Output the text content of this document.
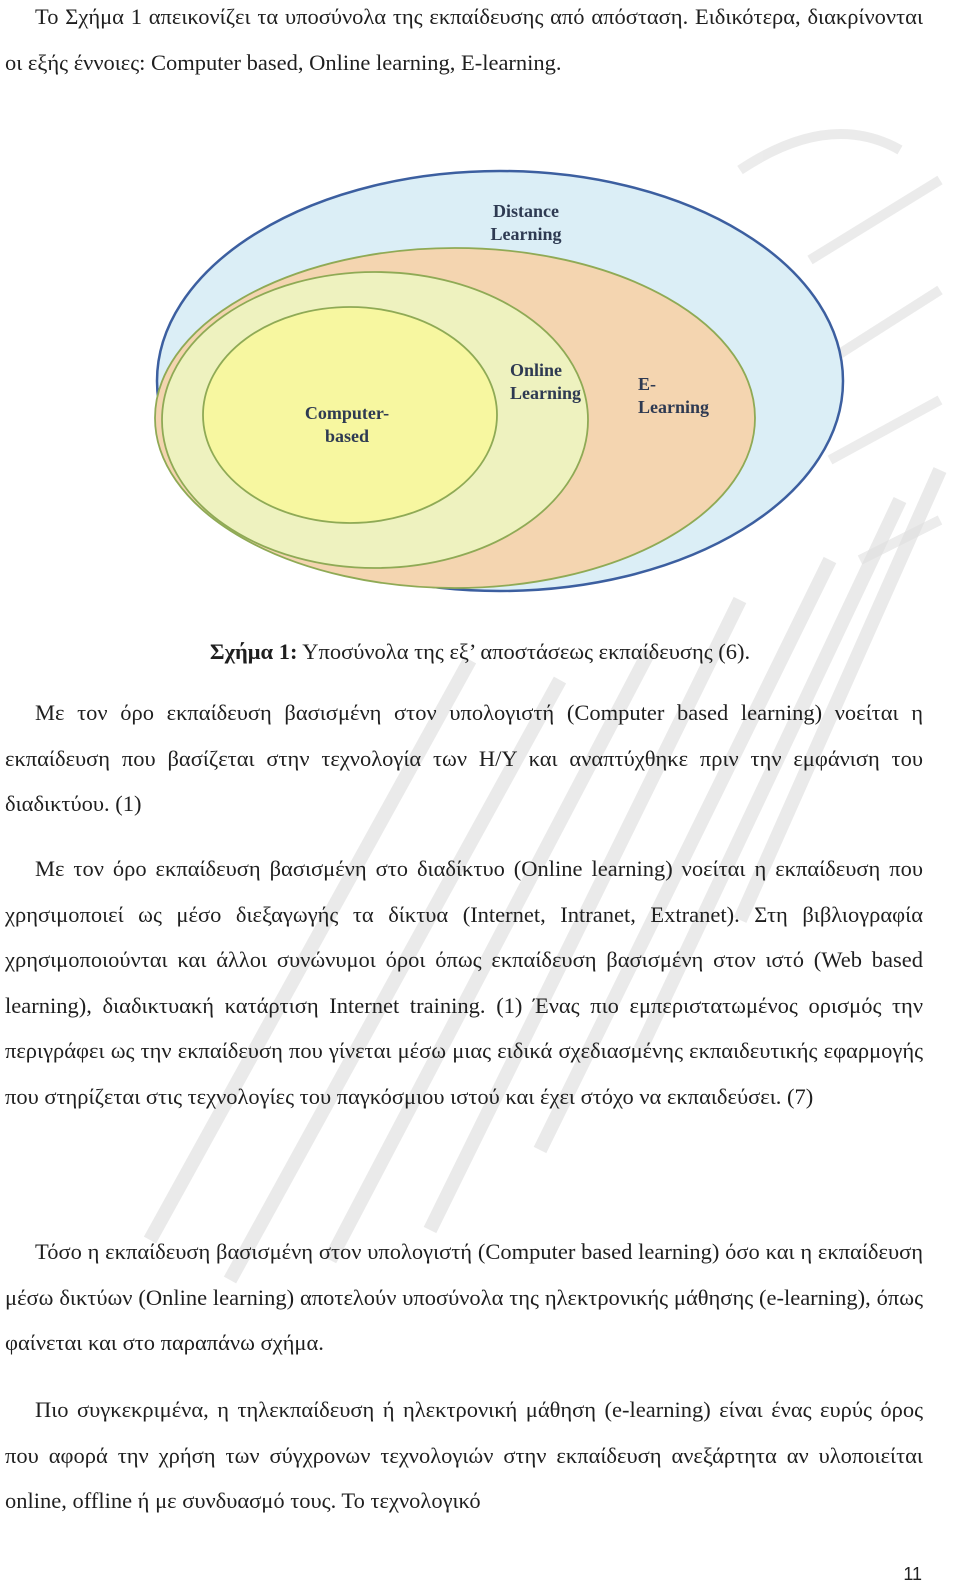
Το Σχήμα 1 απεικονίζει τα υποσύνολα της εκπαίδευσης από απόσταση. Ειδικότερα, διακρίνονται οι εξής έννοιες: Computer based, Online learning, E-learning.

Distance
Learning
Online
Learning	E-
Learning
Computer-
based
Σχήμα 1: Υποσύνολα της εξ’ αποστάσεως εκπαίδευσης (6).

Με τον όρο εκπαίδευση βασισμένη στον υπολογιστή (Computer based learning) νοείται η εκπαίδευση που βασίζεται στην τεχνολογία των Η/Υ και αναπτύχθηκε πριν την εμφάνιση του διαδικτύου. (1)

Με τον όρο εκπαίδευση βασισμένη στο διαδίκτυο (Online learning) νοείται η εκπαίδευση που χρησιμοποιεί ως μέσο διεξαγωγής τα δίκτυα (Internet, Intranet, Extranet). Στη βιβλιογραφία χρησιμοποιούνται και άλλοι συνώνυμοι όροι όπως εκπαίδευση βασισμένη στον ιστό (Web based learning), διαδικτυακή κατάρτιση Internet training. (1) Ένας πιο εμπεριστατωμένος ορισμός την περιγράφει ως την εκπαίδευση που γίνεται μέσω μιας ειδικά σχεδιασμένης εκπαιδευτικής εφαρμογής που στηρίζεται στις τεχνολογίες του παγκόσμιου ιστού και έχει στόχο να εκπαιδεύσει. (7)

Τόσο η εκπαίδευση βασισμένη στον υπολογιστή (Computer based learning) όσο και η εκπαίδευση μέσω δικτύων (Online learning) αποτελούν υποσύνολα της ηλεκτρονικής μάθησης (e-learning), όπως φαίνεται και στο παραπάνω σχήμα.

Πιο συγκεκριμένα, η τηλεκπαίδευση ή ηλεκτρονική μάθηση (e-learning) είναι ένας ευρύς όρος που αφορά την χρήση των σύγχρονων τεχνολογιών στην εκπαίδευση ανεξάρτητα αν υλοποιείται online, offline ή με συνδυασμό τους. Το τεχνολογικό

11
